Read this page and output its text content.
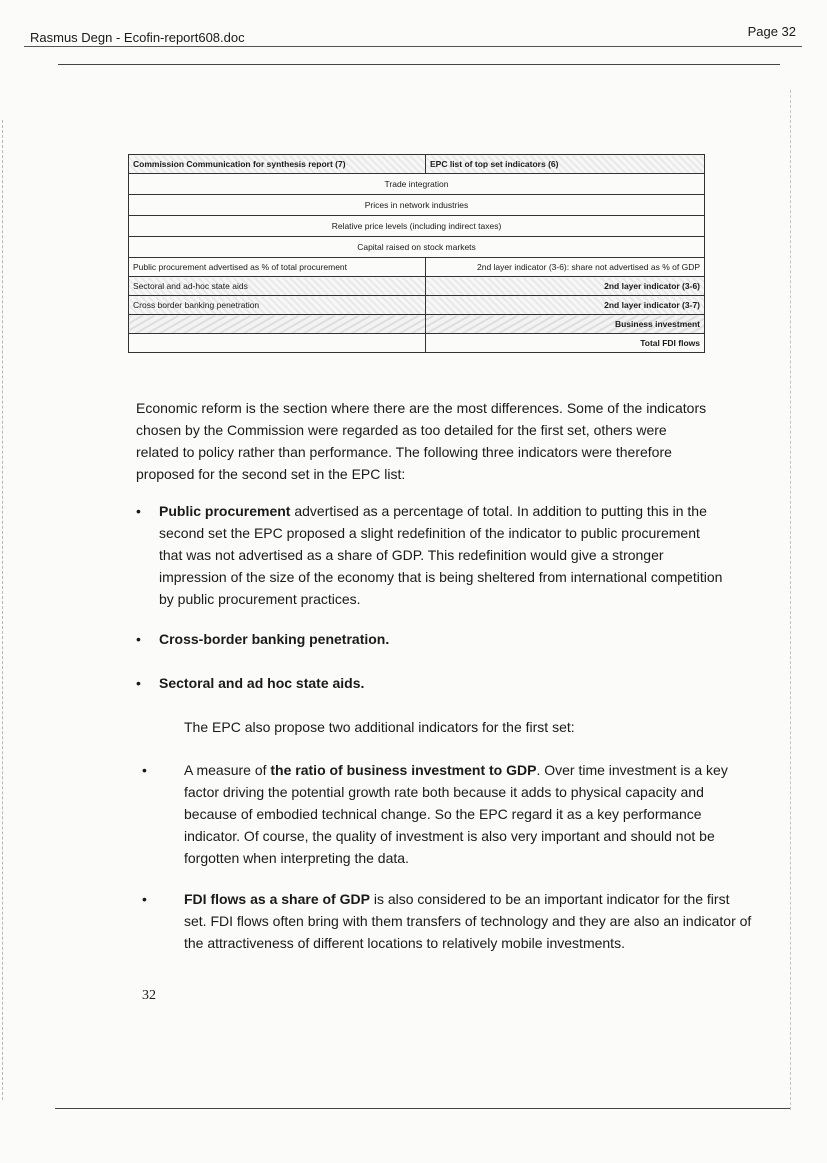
Rasmus Degn - Ecofin-report608.doc	Page 32
Commission Communication for synthesis report (7)	EPC list of top set indicators (6)
Trade integration	
Prices in network industries	
Relative price levels (including indirect taxes)	
Capital raised on stock markets	
Public procurement advertised as % of total procurement	2nd layer indicator (3-6): share not advertised as % of GDP
Sectoral and ad-hoc state aids	2nd layer indicator (3-6)
Cross border banking penetration	2nd layer indicator (3-7)
	Business investment
	Total FDI flows
Economic reform is the section where there are the most differences. Some of the indicators chosen by the Commission were regarded as too detailed for the first set, others were related to policy rather than performance. The following three indicators were therefore proposed for the second set in the EPC list:
• Public procurement advertised as a percentage of total. In addition to putting this in the second set the EPC proposed a slight redefinition of the indicator to public procurement that was not advertised as a share of GDP. This redefinition would give a stronger impression of the size of the economy that is being sheltered from international competition by public procurement practices.
• Cross-border banking penetration.
• Sectoral and ad hoc state aids.
The EPC also propose two additional indicators for the first set:
•	A measure of the ratio of business investment to GDP. Over time investment is a key factor driving the potential growth rate both because it adds to physical capacity and because of embodied technical change. So the EPC regard it as a key performance indicator. Of course, the quality of investment is also very important and should not be forgotten when interpreting the data.
•	FDI flows as a share of GDP is also considered to be an important indicator for the first set. FDI flows often bring with them transfers of technology and they are also an indicator of the attractiveness of different locations to relatively mobile investments.
32
